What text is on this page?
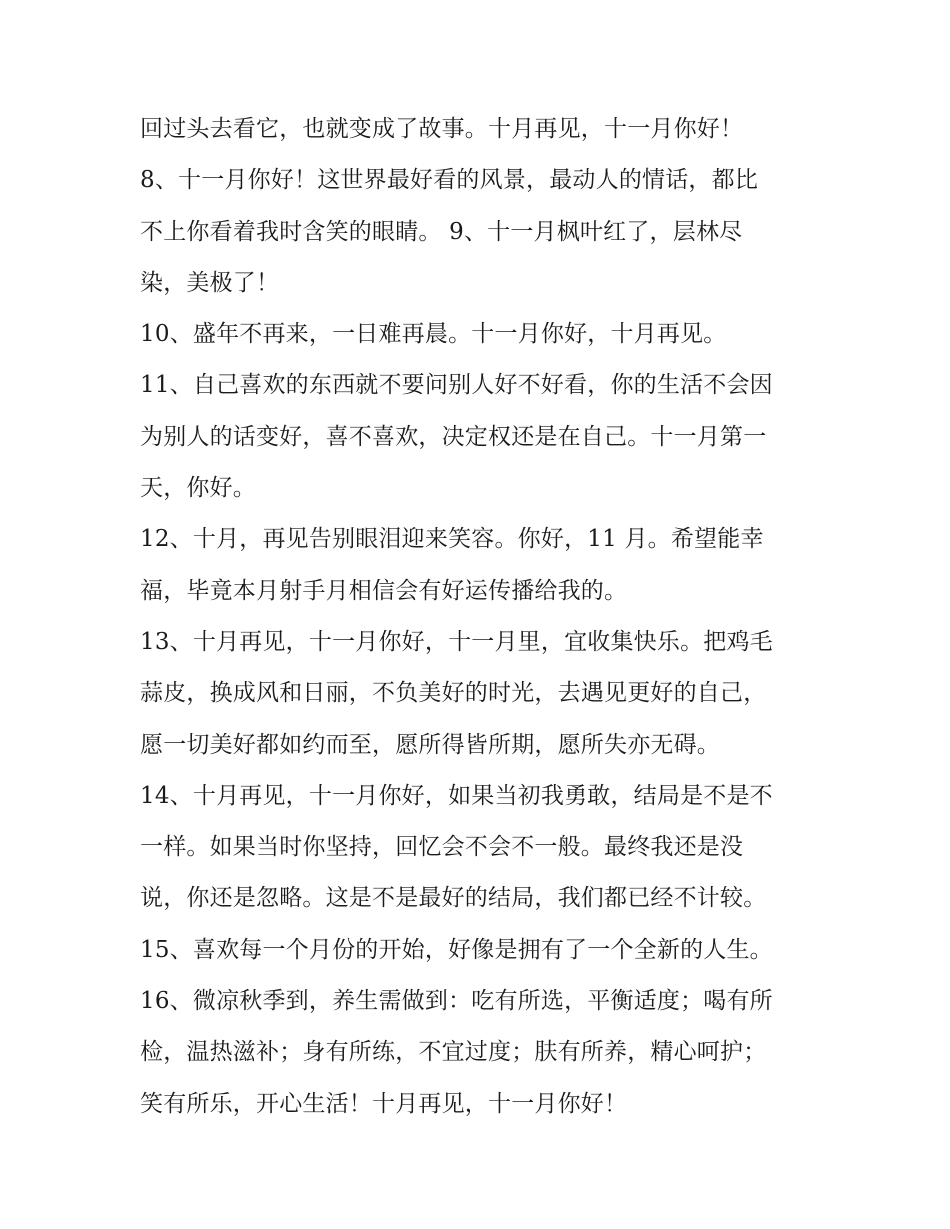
回过头去看它，也就变成了故事。十月再见，十一月你好！
8、十一月你好！这世界最好看的风景，最动人的情话，都比
不上你看着我时含笑的眼睛。 9、十一月枫叶红了，层林尽
染，美极了！
10、盛年不再来，一日难再晨。十一月你好，十月再见。
11、自己喜欢的东西就不要问别人好不好看，你的生活不会因
为别人的话变好，喜不喜欢，决定权还是在自己。十一月第一
天，你好。
12、十月，再见告别眼泪迎来笑容。你好，11 月。希望能幸
福，毕竟本月射手月相信会有好运传播给我的。
13、十月再见，十一月你好，十一月里，宜收集快乐。把鸡毛
蒜皮，换成风和日丽，不负美好的时光，去遇见更好的自己，
愿一切美好都如约而至，愿所得皆所期，愿所失亦无碍。
14、十月再见，十一月你好，如果当初我勇敢，结局是不是不
一样。如果当时你坚持，回忆会不会不一般。最终我还是没
说，你还是忽略。这是不是最好的结局，我们都已经不计较。
15、喜欢每一个月份的开始，好像是拥有了一个全新的人生。
16、微凉秋季到，养生需做到：吃有所选，平衡适度；喝有所
检，温热滋补；身有所练，不宜过度；肤有所养，精心呵护；
笑有所乐，开心生活！十月再见，十一月你好！
